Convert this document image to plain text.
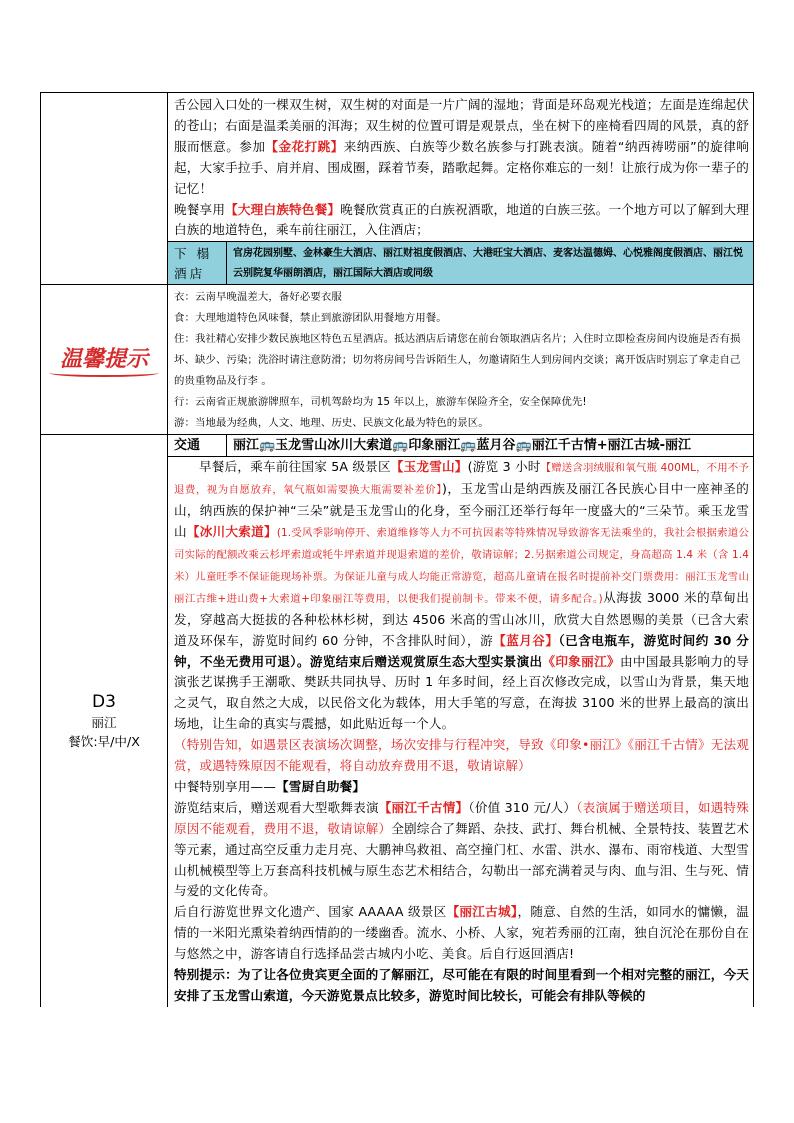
舌公园入口处的一棵双生树，双生树的对面是一片广阔的湿地；背面是环岛观光栈道；左面是连绵起伏的苍山；右面是温柔美丽的洱海；双生树的位置可谓是观景点，坐在树下的座椅看四周的风景，真的舒服而惬意。参加【金花打跳】来纳西族、白族等少数名族参与打跳表演。随着“纳西祷唠丽”的旋律响起，大家手拉手、肩并肩、围成圈，踩着节奏，踏歌起舞。定格你难忘的一刻！让旅行成为你一辈子的记忆！

晚餐享用【大理白族特色餐】晚餐欣赏真正的白族祝酒歌，地道的白族三弦。一个地方可以了解到大理白族的地道特色，乘车前往丽江，入住酒店；

下 榻酒店
官房花园别墅、金林豪生大酒店、丽江财祖度假酒店、大港旺宝大酒店、麦客达温德姆、心悦雅阁度假酒店、丽江悦云别院复华丽朗酒店，丽江国际大酒店或同级
温馨提示

衣：云南早晚温差大，备好必要衣服

食：大理地道特色风味餐，禁止到旅游团队用餐地方用餐。

住：我社精心安排少数民族地区特色五星酒店。抵达酒店后请您在前台领取酒店名片；入住时立即检查房间内设施是否有损坏、缺少、污染；洗浴时请注意防滑；切勿将房间号告诉陌生人，勿邀请陌生人到房间内交谈；离开饭店时别忘了拿走自己的贵重物品及行李 。

行：云南省正规旅游牌照车，司机驾龄均为 15 年以上，旅游车保险齐全，安全保障优先!

游：当地最为经典，人文、地理、历史、民族文化最为特色的景区。

D3
丽江
餐饮:早/中/X
交通	丽江🚌玉龙雪山冰川大索道🚌印象丽江🚌蓝月谷🚌丽江千古情+丽江古城-丽江

早餐后，乘车前往国家 5A 级景区【玉龙雪山】(游览 3 小时【赠送含羽绒服和氧气瓶 400ML，不用不予退费，视为自愿放弃，氧气瓶如需要换大瓶需要补差价】)，玉龙雪山是纳西族及丽江各民族心目中一座神圣的山，纳西族的保护神“三朵”就是玉龙雪山的化身，至今丽江还举行每年一度盛大的“三朵节。乘玉龙雪山【冰川大索道】(1.受风季影响停开、索道维修等人力不可抗因素等特殊情况导致游客无法乘坐的，我社会根据索道公司实际的配额改乘云杉坪索道或牦牛坪索道并现退索道的差价，敬请谅解；2.另据索道公司规定，身高超高 1.4 米（含 1.4 米）儿童旺季不保证能现场补票。为保证儿童与成人均能正常游览，超高儿童请在报名时提前补交门票费用：丽江玉龙雪山 丽江古维+进山费+大索道+印象丽江等费用，以便我们提前制卡。带来不便，请多配合。)从海拔 3000 米的草甸出发，穿越高大挺拔的各种松林杉树，到达 4506 米高的雪山冰川，欣赏大自然恩赐的美景（已含大索道及环保车，游览时间约 60 分钟，不含排队时间），游【蓝月谷】（已含电瓶车，游览时间约 30 分钟，不坐无费用可退）。游览结束后赠送观赏原生态大型实景演出《印象丽江》由中国最具影响力的导演张艺谋携手王潮歌、樊跃共同执导、历时 1 年多时间，经上百次修改完成，以雪山为背景，集天地之灵气，取自然之大成，以民俗文化为载体，用大手笔的写意，在海拔 3100 米的世界上最高的演出场地，让生命的真实与震撼，如此贴近每一个人。

（特别告知，如遇景区表演场次调整，场次安排与行程冲突，导致《印象•丽江》《丽江千古情》无法观赏，或遇特殊原因不能观看，将自动放弃费用不退，敬请谅解）

中餐特别享用——【雪厨自助餐】

游览结束后，赠送观看大型歌舞表演【丽江千古情】（价值 310 元/人）（表演属于赠送项目，如遇特殊原因不能观看，费用不退，敬请谅解）全剧综合了舞蹈、杂技、武打、舞台机械、全景特技、装置艺术等元素，通过高空反重力走月亮、大鹏神鸟救祖、高空撞门杠、水雷、洪水、瀑布、雨帘栈道、大型雪山机械模型等上万套高科技机械与原生态艺术相结合，勾勒出一部充满着灵与肉、血与泪、生与死、情与爱的文化传奇。

后自行游览世界文化遗产、国家 AAAAA 级景区【丽江古城】，随意、自然的生活，如同水的慵懒，温情的一米阳光熏染着纳西情韵的一缕幽香。流水、小桥、人家，宛若秀丽的江南，独自沉沦在那份自在与悠然之中，游客请自行选择品尝古城内小吃、美食。后自行返回酒店!

特别提示：为了让各位贵宾更全面的了解丽江，尽可能在有限的时间里看到一个相对完整的丽江，今天安排了玉龙雪山索道，今天游览景点比较多，游览时间比较长，可能会有排队等候的
